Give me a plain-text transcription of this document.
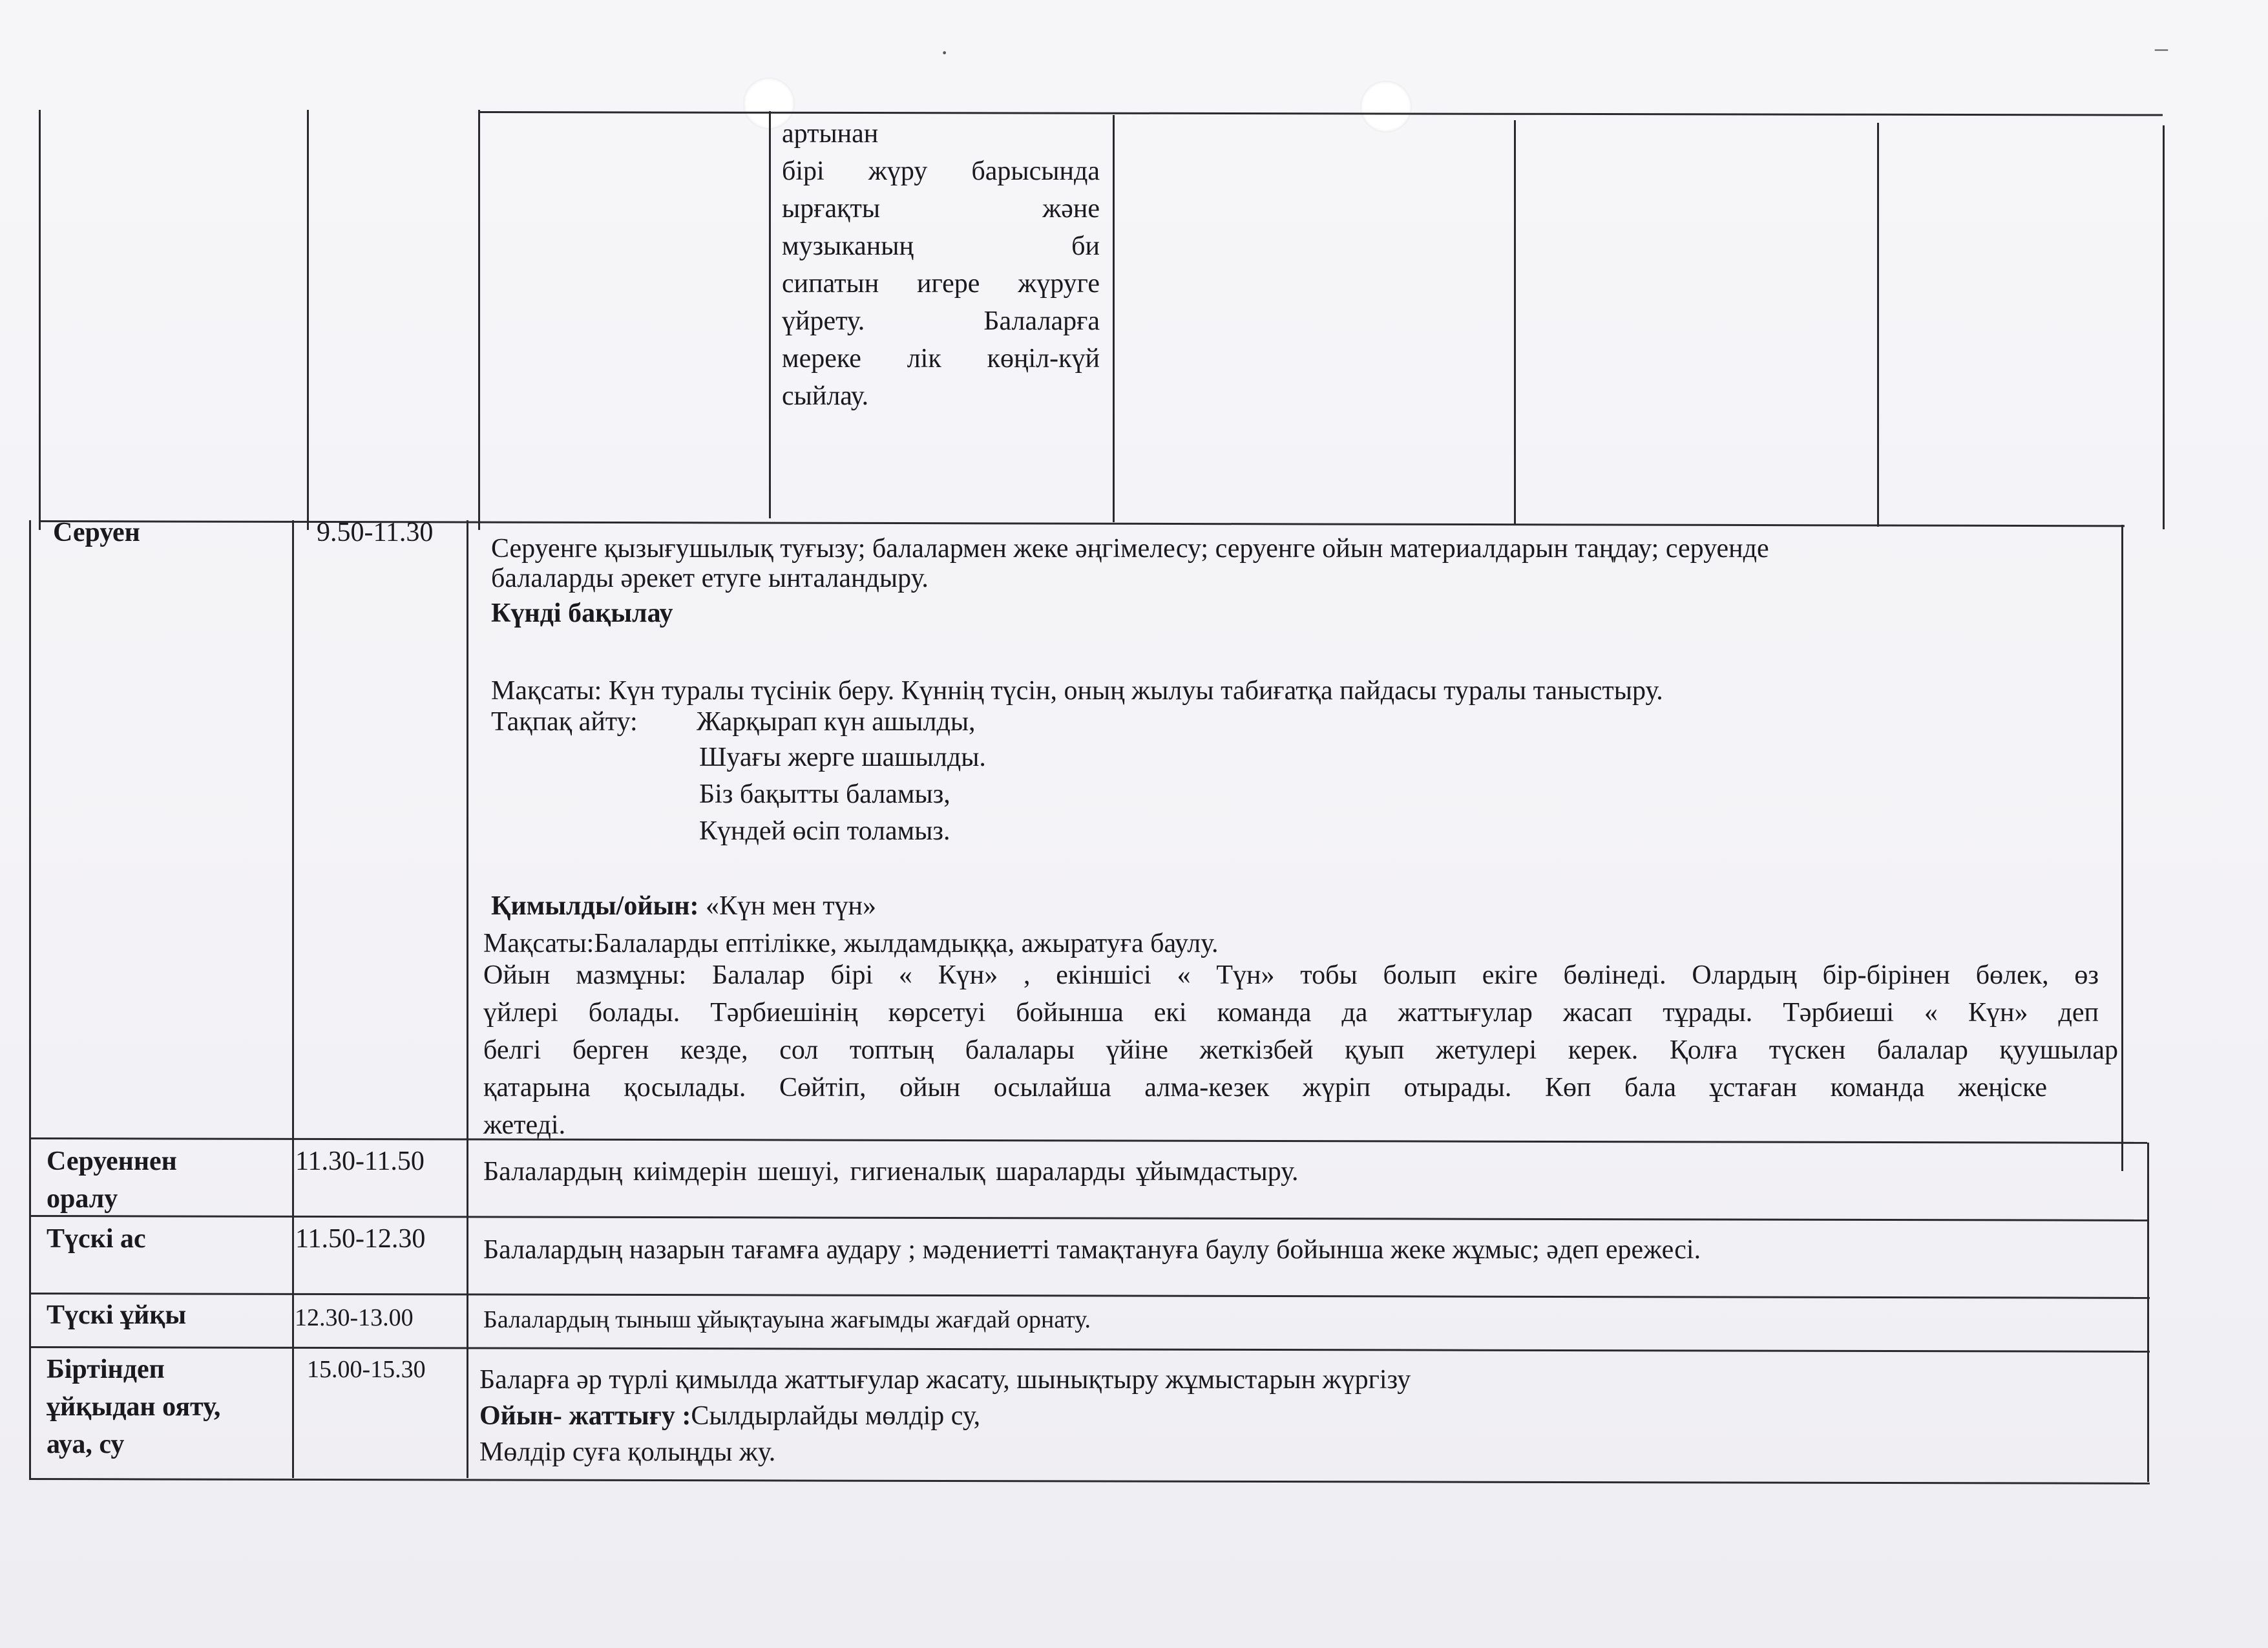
артынан
бірі жүру барысында
ырғақты және
музыканың би
сипатын игере жүруге
үйрету. Балаларға
мереке лік көңіл-күй
сыйлау.
Серуен	9.50-11.30
Серуенге қызығушылық туғызу; балалармен жеке әңгімелесу; серуенге ойын материалдарын таңдау; серуенде
балаларды әрекет етуге ынталандыру.
Күнді бақылау
Мақсаты: Күн туралы түсінік беру. Күннің түсін, оның жылуы табиғатқа пайдасы туралы таныстыру.
Тақпақ айту: Жарқырап күн ашылды,
Шуағы жерге шашылды.
Біз бақытты баламыз,
Күндей өсіп толамыз.
Қимылды/ойын: «Күн мен түн»
Мақсаты:Балаларды ептілікке, жылдамдыққа, ажыратуға баулу.
Ойын мазмұны: Балалар бірі « Күн» , екіншісі « Түн» тобы болып екіге бөлінеді. Олардың бір-бірінен бөлек, өз
үйлері болады. Тәрбиешінің көрсетуі бойынша екі команда да жаттығулар жасап тұрады. Тәрбиеші « Күн» деп
белгі берген кезде, сол топтың балалары үйіне жеткізбей қуып жетулері керек. Қолға түскен балалар қуушылар
қатарына қосылады. Сөйтіп, ойын осылайша алма-кезек жүріп отырады. Көп бала ұстаған команда жеңіске
жетеді.
Серуеннен
оралу
11.30-11.50 Балалардың киімдерін шешуі, гигиеналық шараларды ұйымдастыру.
Түскі ас	11.50-12.30 Балалардың назарын тағамға аудару ; мәдениетті тамақтануға баулу бойынша жеке жұмыс; әдеп ережесі.
Түскі ұйқы	12.30-13.00	Балалардың тыныш ұйықтауына жағымды жағдай орнату.
Біртіндеп
ұйқыдан ояту,
ауа, су
15.00-15.30 Баларға әр түрлі қимылда жаттығулар жасату, шынықтыру жұмыстарын жүргізу
Ойын- жаттығу :Сылдырлайды мөлдір су,
Мөлдір суға қолыңды жу.
·	–
